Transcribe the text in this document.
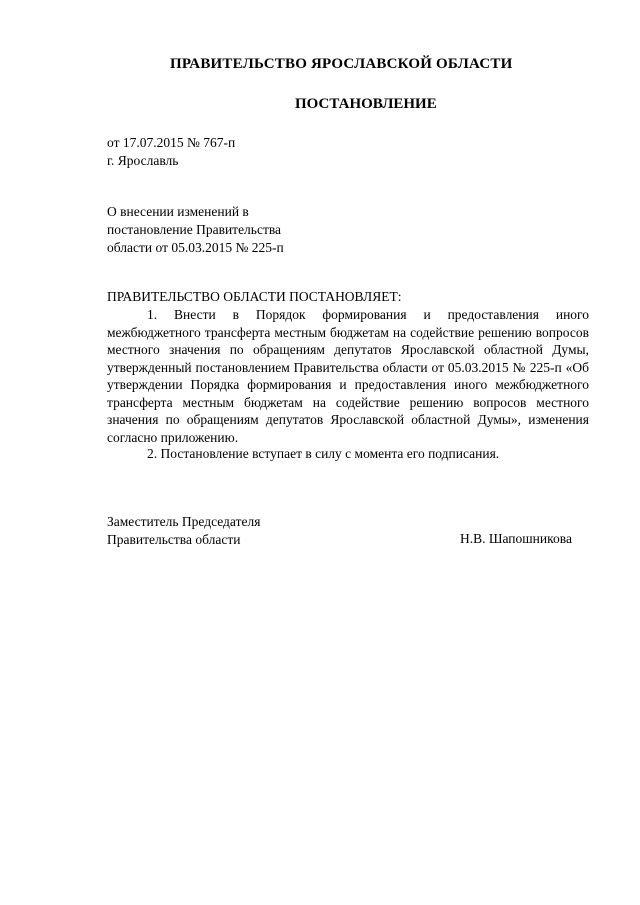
ПРАВИТЕЛЬСТВО ЯРОСЛАВСКОЙ ОБЛАСТИ
ПОСТАНОВЛЕНИЕ
от 17.07.2015 № 767-п
г. Ярославль
О внесении изменений в
постановление Правительства
области от 05.03.2015 № 225-п
ПРАВИТЕЛЬСТВО ОБЛАСТИ ПОСТАНОВЛЯЕТ:
1. Внести в Порядок формирования и предоставления иного межбюджетного трансферта местным бюджетам на содействие решению вопросов местного значения по обращениям депутатов Ярославской областной Думы, утвержденный постановлением Правительства области от 05.03.2015 № 225-п «Об утверждении Порядка формирования и предоставления иного межбюджетного трансферта местным бюджетам на содействие решению вопросов местного значения по обращениям депутатов Ярославской областной Думы», изменения согласно приложению.
2. Постановление вступает в силу с момента его подписания.
Заместитель Председателя
Правительства области	Н.В. Шапошникова
